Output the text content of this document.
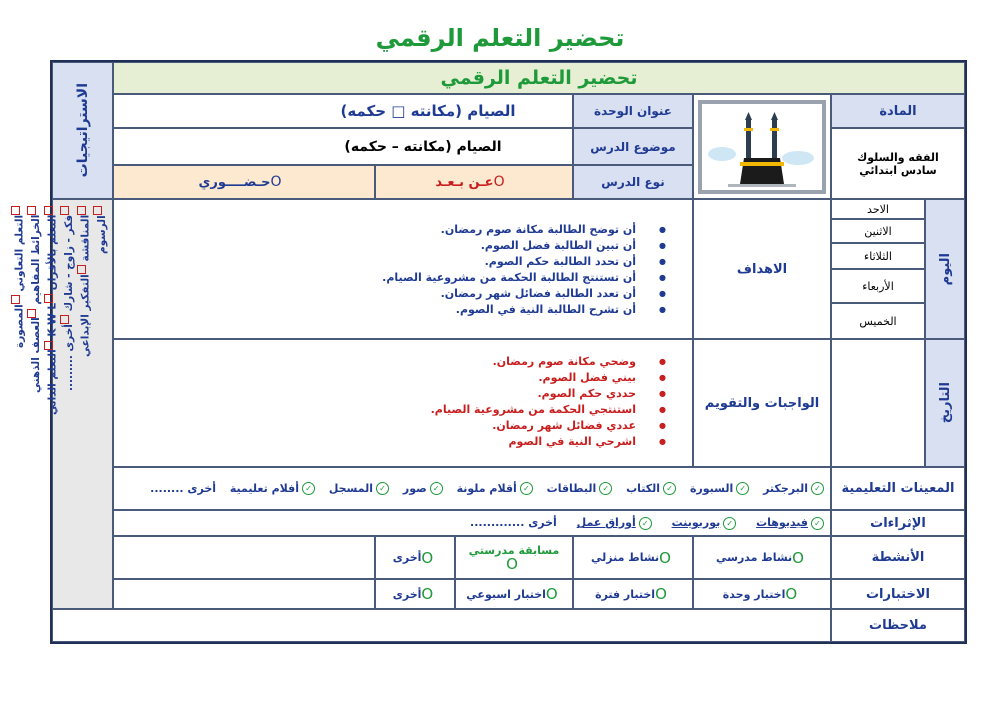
تحضير التعلم الرقمي
الاستراتيجيات
التعلم التعاوني المصورة
الخرائط المفاهيم العصف الذهني
التعلم بالأقران K W L التعلم الذاتي
فكر - زاوج - شارك أخرى .........
المناقشة التفكير الإبداعي
الرسوم
تحضير التعلم الرقمي
المادة
الفقه والسلوك
سادس ابتدائي
عنوان الوحدة
الصيام (مكانته □ حكمه)
موضوع الدرس
الصيام (مكانته – حكمه)
نوع الدرس
عـن بـعـد O
حـضــــوري O
اليوم
الاحد
الاثنين
الثلاثاء
الأربعاء
الخميس
الاهداف
● أن توضح الطالبة مكانة صوم رمضان.
● أن تبين الطالبة فضل الصوم.
● أن تحدد الطالبة حكم الصوم.
● أن تستنتج الطالبة الحكمة من مشروعية الصيام.
● أن تعدد الطالبة فضائل شهر رمضان.
● أن تشرح الطالبة النية في الصوم.
التاريخ
الواجبات والتقويم
● وضحي مكانة صوم رمضان.
● بيني فضل الصوم.
● حددي حكم الصوم.
● استنتجي الحكمة من مشروعية الصيام.
● عددي فضائل شهر رمضان.
● اشرحي النية في الصوم
المعينات التعليمية
✓البرجكتر ✓السبورة ✓الكتاب ✓البطاقات ✓أقلام ملونة ✓صور ✓المسجل ✓أفلام تعليمية أخرى ........
الإثراءات
✓فيديوهات ✓بوربوينت ✓أوراق عمل أخرى .............
الأنشطة
نشاط مدرسي O
نشاط منزلي O
مسابقة مدرستي
O
أخرى O
الاختبارات
اختبار وحدة O
اختبار فترة O
اختبار اسبوعي O
أخرى O
ملاحظات
